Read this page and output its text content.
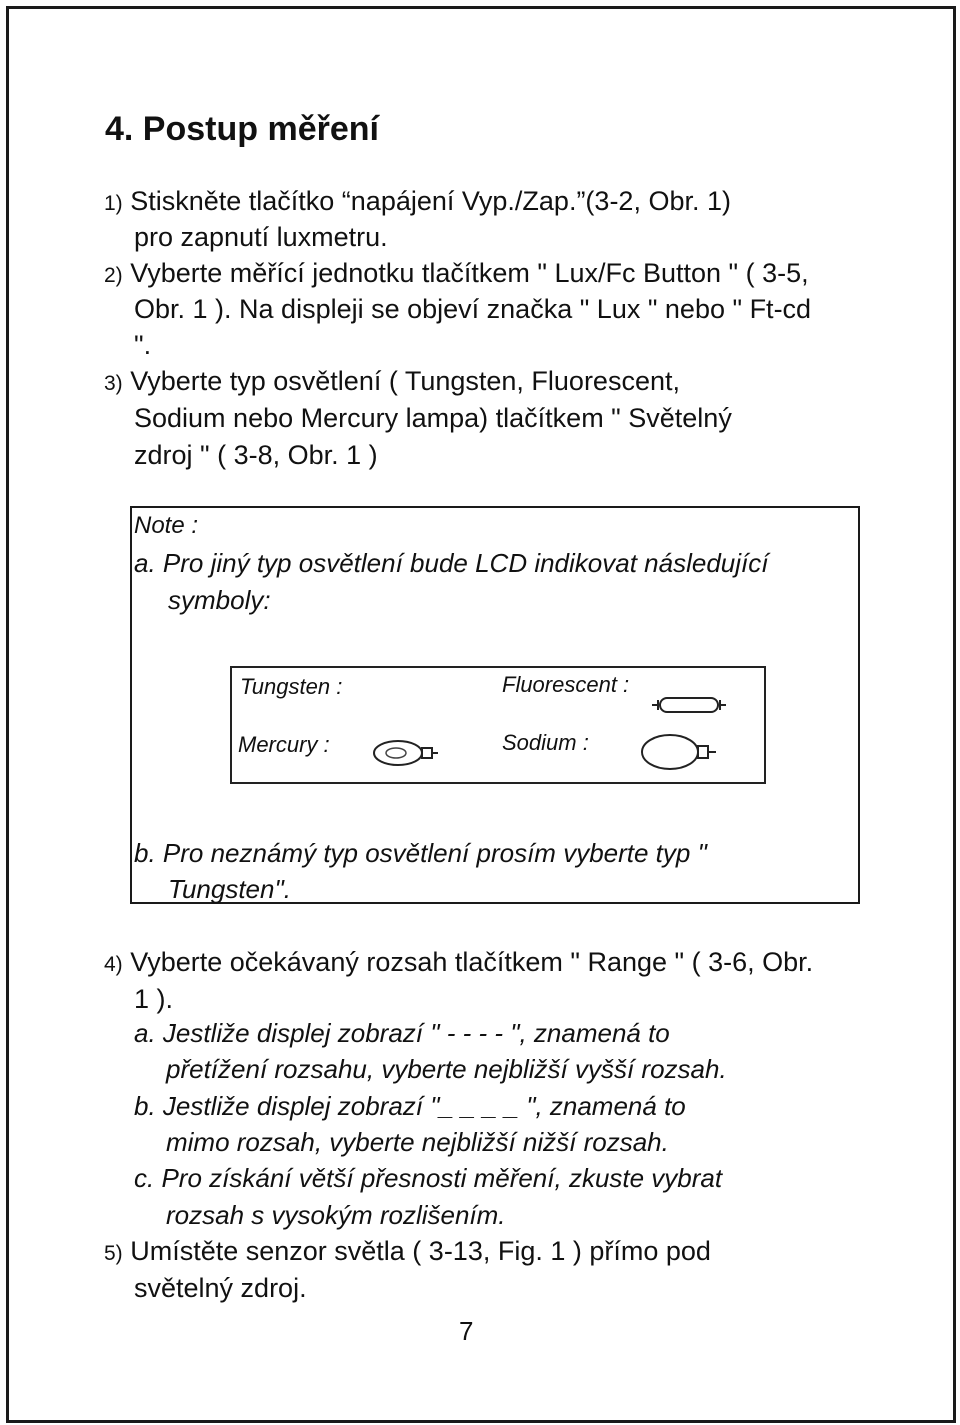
4. Postup měření
1) Stiskněte tlačítko “napájení Vyp./Zap.”(3-2, Obr. 1)
pro zapnutí luxmetru.
2) Vyberte měřící jednotku tlačítkem " Lux/Fc Button " ( 3-5,
Obr. 1 ). Na displeji se objeví značka " Lux " nebo " Ft-cd
".
3) Vyberte typ osvětlení ( Tungsten, Fluorescent,
Sodium nebo Mercury lampa) tlačítkem " Světelný
zdroj " ( 3-8, Obr. 1 )
Note :
a. Pro jiný typ osvětlení bude LCD indikovat následující
symboly:
Tungsten :	Fluorescent :
Mercury :	Sodium :
b. Pro neznámý typ osvětlení prosím vyberte typ "
Tungsten".
4) Vyberte očekávaný rozsah tlačítkem " Range " ( 3-6, Obr.
1 ).
a. Jestliže displej zobrazí " - - - - ", znamená to
přetížení rozsahu, vyberte nejbližší vyšší rozsah.
b. Jestliže displej zobrazí "_ _ _ _ ", znamená to
mimo rozsah, vyberte nejbližší nižší rozsah.
c. Pro získání větší přesnosti měření, zkuste vybrat
rozsah s vysokým rozlišením.
5) Umístěte senzor světla ( 3-13, Fig. 1 ) přímo pod
světelný zdroj.
7
